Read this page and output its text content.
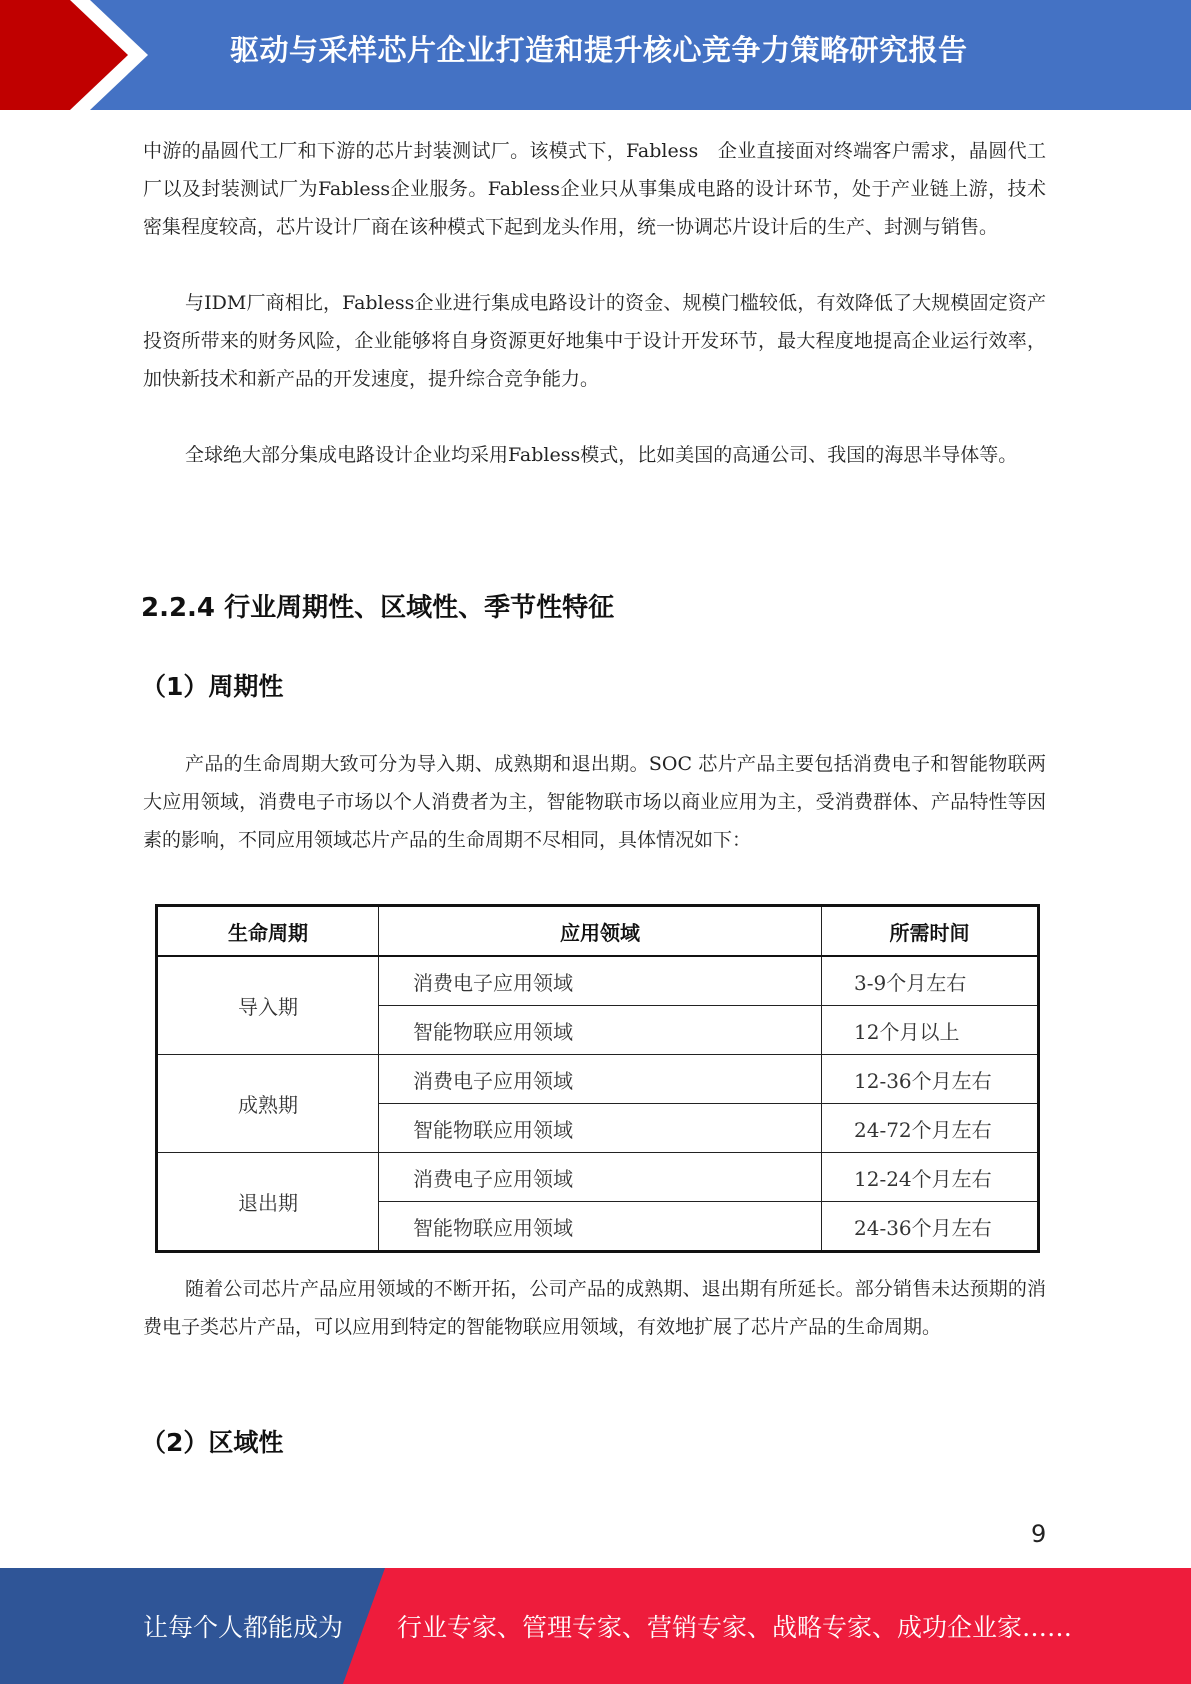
驱动与采样芯片企业打造和提升核心竞争力策略研究报告

中游的晶圆代工厂和下游的芯片封装测试厂。该模式下，Fabless　企业直接面对终端客户需求，晶圆代工厂以及封装测试厂为Fabless企业服务。Fabless企业只从事集成电路的设计环节，处于产业链上游，技术密集程度较高，芯片设计厂商在该种模式下起到龙头作用，统一协调芯片设计后的生产、封测与销售。

与IDM厂商相比，Fabless企业进行集成电路设计的资金、规模门槛较低，有效降低了大规模固定资产投资所带来的财务风险，企业能够将自身资源更好地集中于设计开发环节，最大程度地提高企业运行效率，加快新技术和新产品的开发速度，提升综合竞争能力。

全球绝大部分集成电路设计企业均采用Fabless模式，比如美国的高通公司、我国的海思半导体等。

2.2.4 行业周期性、区域性、季节性特征
（1）周期性

产品的生命周期大致可分为导入期、成熟期和退出期。SOC 芯片产品主要包括消费电子和智能物联两大应用领域，消费电子市场以个人消费者为主，智能物联市场以商业应用为主，受消费群体、产品特性等因素的影响，不同应用领域芯片产品的生命周期不尽相同，具体情况如下：

生命周期	应用领域	所需时间
导入期	消费电子应用领域	3-9个月左右
	智能物联应用领域	12个月以上
成熟期	消费电子应用领域	12-36个月左右
	智能物联应用领域	24-72个月左右
退出期	消费电子应用领域	12-24个月左右
	智能物联应用领域	24-36个月左右

随着公司芯片产品应用领域的不断开拓，公司产品的成熟期、退出期有所延长。部分销售未达预期的消费电子类芯片产品，可以应用到特定的智能物联应用领域，有效地扩展了芯片产品的生命周期。

（2）区域性
9
让每个人都能成为 行业专家、管理专家、营销专家、战略专家、成功企业家……
